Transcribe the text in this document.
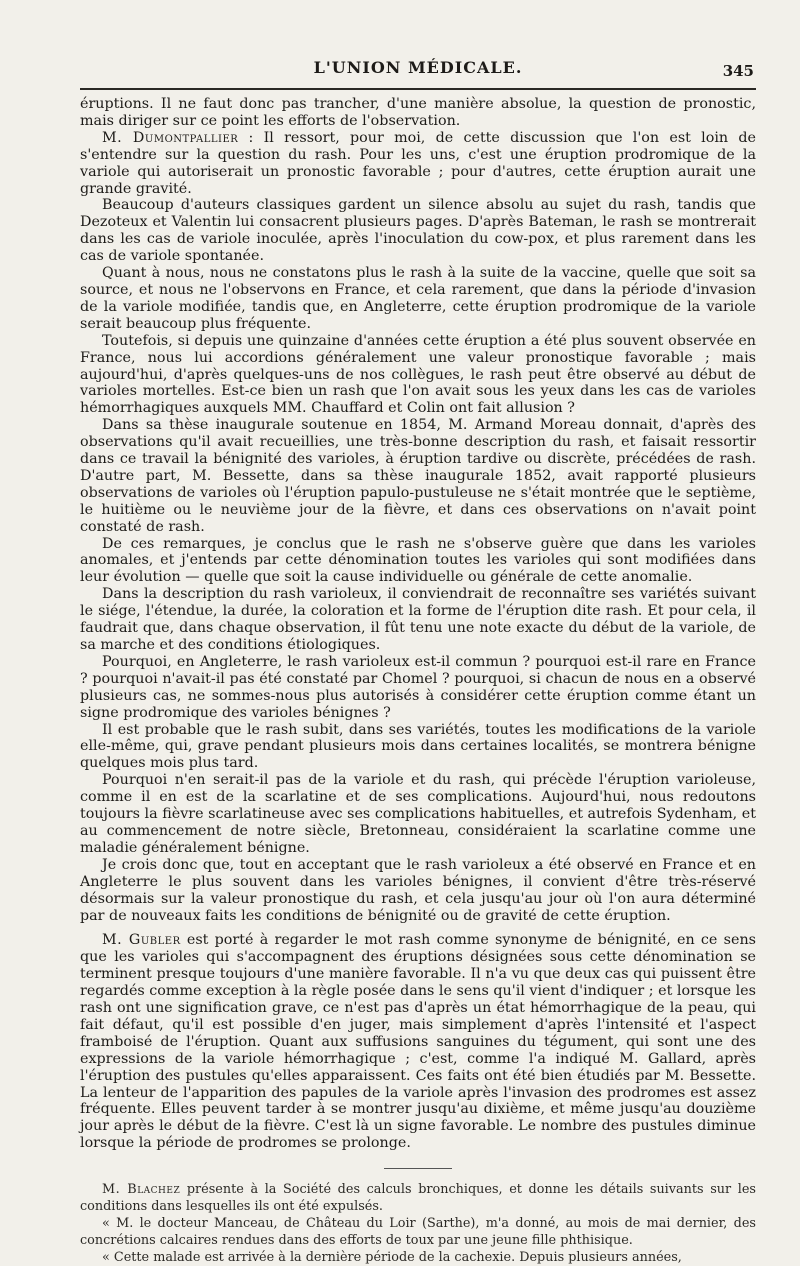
L'UNION MÉDICALE.	345

éruptions. Il ne faut donc pas trancher, d'une manière absolue, la question de pronostic, mais diriger sur ce point les efforts de l'observation.

M. Dumontpallier : Il ressort, pour moi, de cette discussion que l'on est loin de s'entendre sur la question du rash. Pour les uns, c'est une éruption prodromique de la variole qui autoriserait un pronostic favorable ; pour d'autres, cette éruption aurait une grande gravité.

Beaucoup d'auteurs classiques gardent un silence absolu au sujet du rash, tandis que Dezoteux et Valentin lui consacrent plusieurs pages. D'après Bateman, le rash se montrerait dans les cas de variole inoculée, après l'inoculation du cow-pox, et plus rarement dans les cas de variole spontanée.

Quant à nous, nous ne constatons plus le rash à la suite de la vaccine, quelle que soit sa source, et nous ne l'observons en France, et cela rarement, que dans la période d'invasion de la variole modifiée, tandis que, en Angleterre, cette éruption prodromique de la variole serait beaucoup plus fréquente.

Toutefois, si depuis une quinzaine d'années cette éruption a été plus souvent observée en France, nous lui accordions généralement une valeur pronostique favorable ; mais aujourd'hui, d'après quelques-uns de nos collègues, le rash peut être observé au début de varioles mortelles. Est-ce bien un rash que l'on avait sous les yeux dans les cas de varioles hémorrhagiques auxquels MM. Chauffard et Colin ont fait allusion ?

Dans sa thèse inaugurale soutenue en 1854, M. Armand Moreau donnait, d'après des observations qu'il avait recueillies, une très-bonne description du rash, et faisait ressortir dans ce travail la bénignité des varioles, à éruption tardive ou discrète, précédées de rash. D'autre part, M. Bessette, dans sa thèse inaugurale 1852, avait rapporté plusieurs observations de varioles où l'éruption papulo-pustuleuse ne s'était montrée que le septième, le huitième ou le neuvième jour de la fièvre, et dans ces observations on n'avait point constaté de rash.

De ces remarques, je conclus que le rash ne s'observe guère que dans les varioles anomales, et j'entends par cette dénomination toutes les varioles qui sont modifiées dans leur évolution — quelle que soit la cause individuelle ou générale de cette anomalie.

Dans la description du rash varioleux, il conviendrait de reconnaître ses variétés suivant le siége, l'étendue, la durée, la coloration et la forme de l'éruption dite rash. Et pour cela, il faudrait que, dans chaque observation, il fût tenu une note exacte du début de la variole, de sa marche et des conditions étiologiques.

Pourquoi, en Angleterre, le rash varioleux est-il commun ? pourquoi est-il rare en France ? pourquoi n'avait-il pas été constaté par Chomel ? pourquoi, si chacun de nous en a observé plusieurs cas, ne sommes-nous plus autorisés à considérer cette éruption comme étant un signe prodromique des varioles bénignes ?

Il est probable que le rash subit, dans ses variétés, toutes les modifications de la variole elle-même, qui, grave pendant plusieurs mois dans certaines localités, se montrera bénigne quelques mois plus tard.

Pourquoi n'en serait-il pas de la variole et du rash, qui précède l'éruption varioleuse, comme il en est de la scarlatine et de ses complications. Aujourd'hui, nous redoutons toujours la fièvre scarlatineuse avec ses complications habituelles, et autrefois Sydenham, et au commencement de notre siècle, Bretonneau, considéraient la scarlatine comme une maladie généralement bénigne.

Je crois donc que, tout en acceptant que le rash varioleux a été observé en France et en Angleterre le plus souvent dans les varioles bénignes, il convient d'être très-réservé désormais sur la valeur pronostique du rash, et cela jusqu'au jour où l'on aura déterminé par de nouveaux faits les conditions de bénignité ou de gravité de cette éruption.

M. Gubler est porté à regarder le mot rash comme synonyme de bénignité, en ce sens que les varioles qui s'accompagnent des éruptions désignées sous cette dénomination se terminent presque toujours d'une manière favorable. Il n'a vu que deux cas qui puissent être regardés comme exception à la règle posée dans le sens qu'il vient d'indiquer ; et lorsque les rash ont une signification grave, ce n'est pas d'après un état hémorrhagique de la peau, qui fait défaut, qu'il est possible d'en juger, mais simplement d'après l'intensité et l'aspect framboisé de l'éruption. Quant aux suffusions sanguines du tégument, qui sont une des expressions de la variole hémorrhagique ; c'est, comme l'a indiqué M. Gallard, après l'éruption des pustules qu'elles apparaissent. Ces faits ont été bien étudiés par M. Bessette. La lenteur de l'apparition des papules de la variole après l'invasion des prodromes est assez fréquente. Elles peuvent tarder à se montrer jusqu'au dixième, et même jusqu'au douzième jour après le début de la fièvre. C'est là un signe favorable. Le nombre des pustules diminue lorsque la période de prodromes se prolonge.

M. Blachez présente à la Société des calculs bronchiques, et donne les détails suivants sur les conditions dans lesquelles ils ont été expulsés.

« M. le docteur Manceau, de Château du Loir (Sarthe), m'a donné, au mois de mai dernier, des concrétions calcaires rendues dans des efforts de toux par une jeune fille phthisique.

« Cette malade est arrivée à la dernière période de la cachexie. Depuis plusieurs années,
